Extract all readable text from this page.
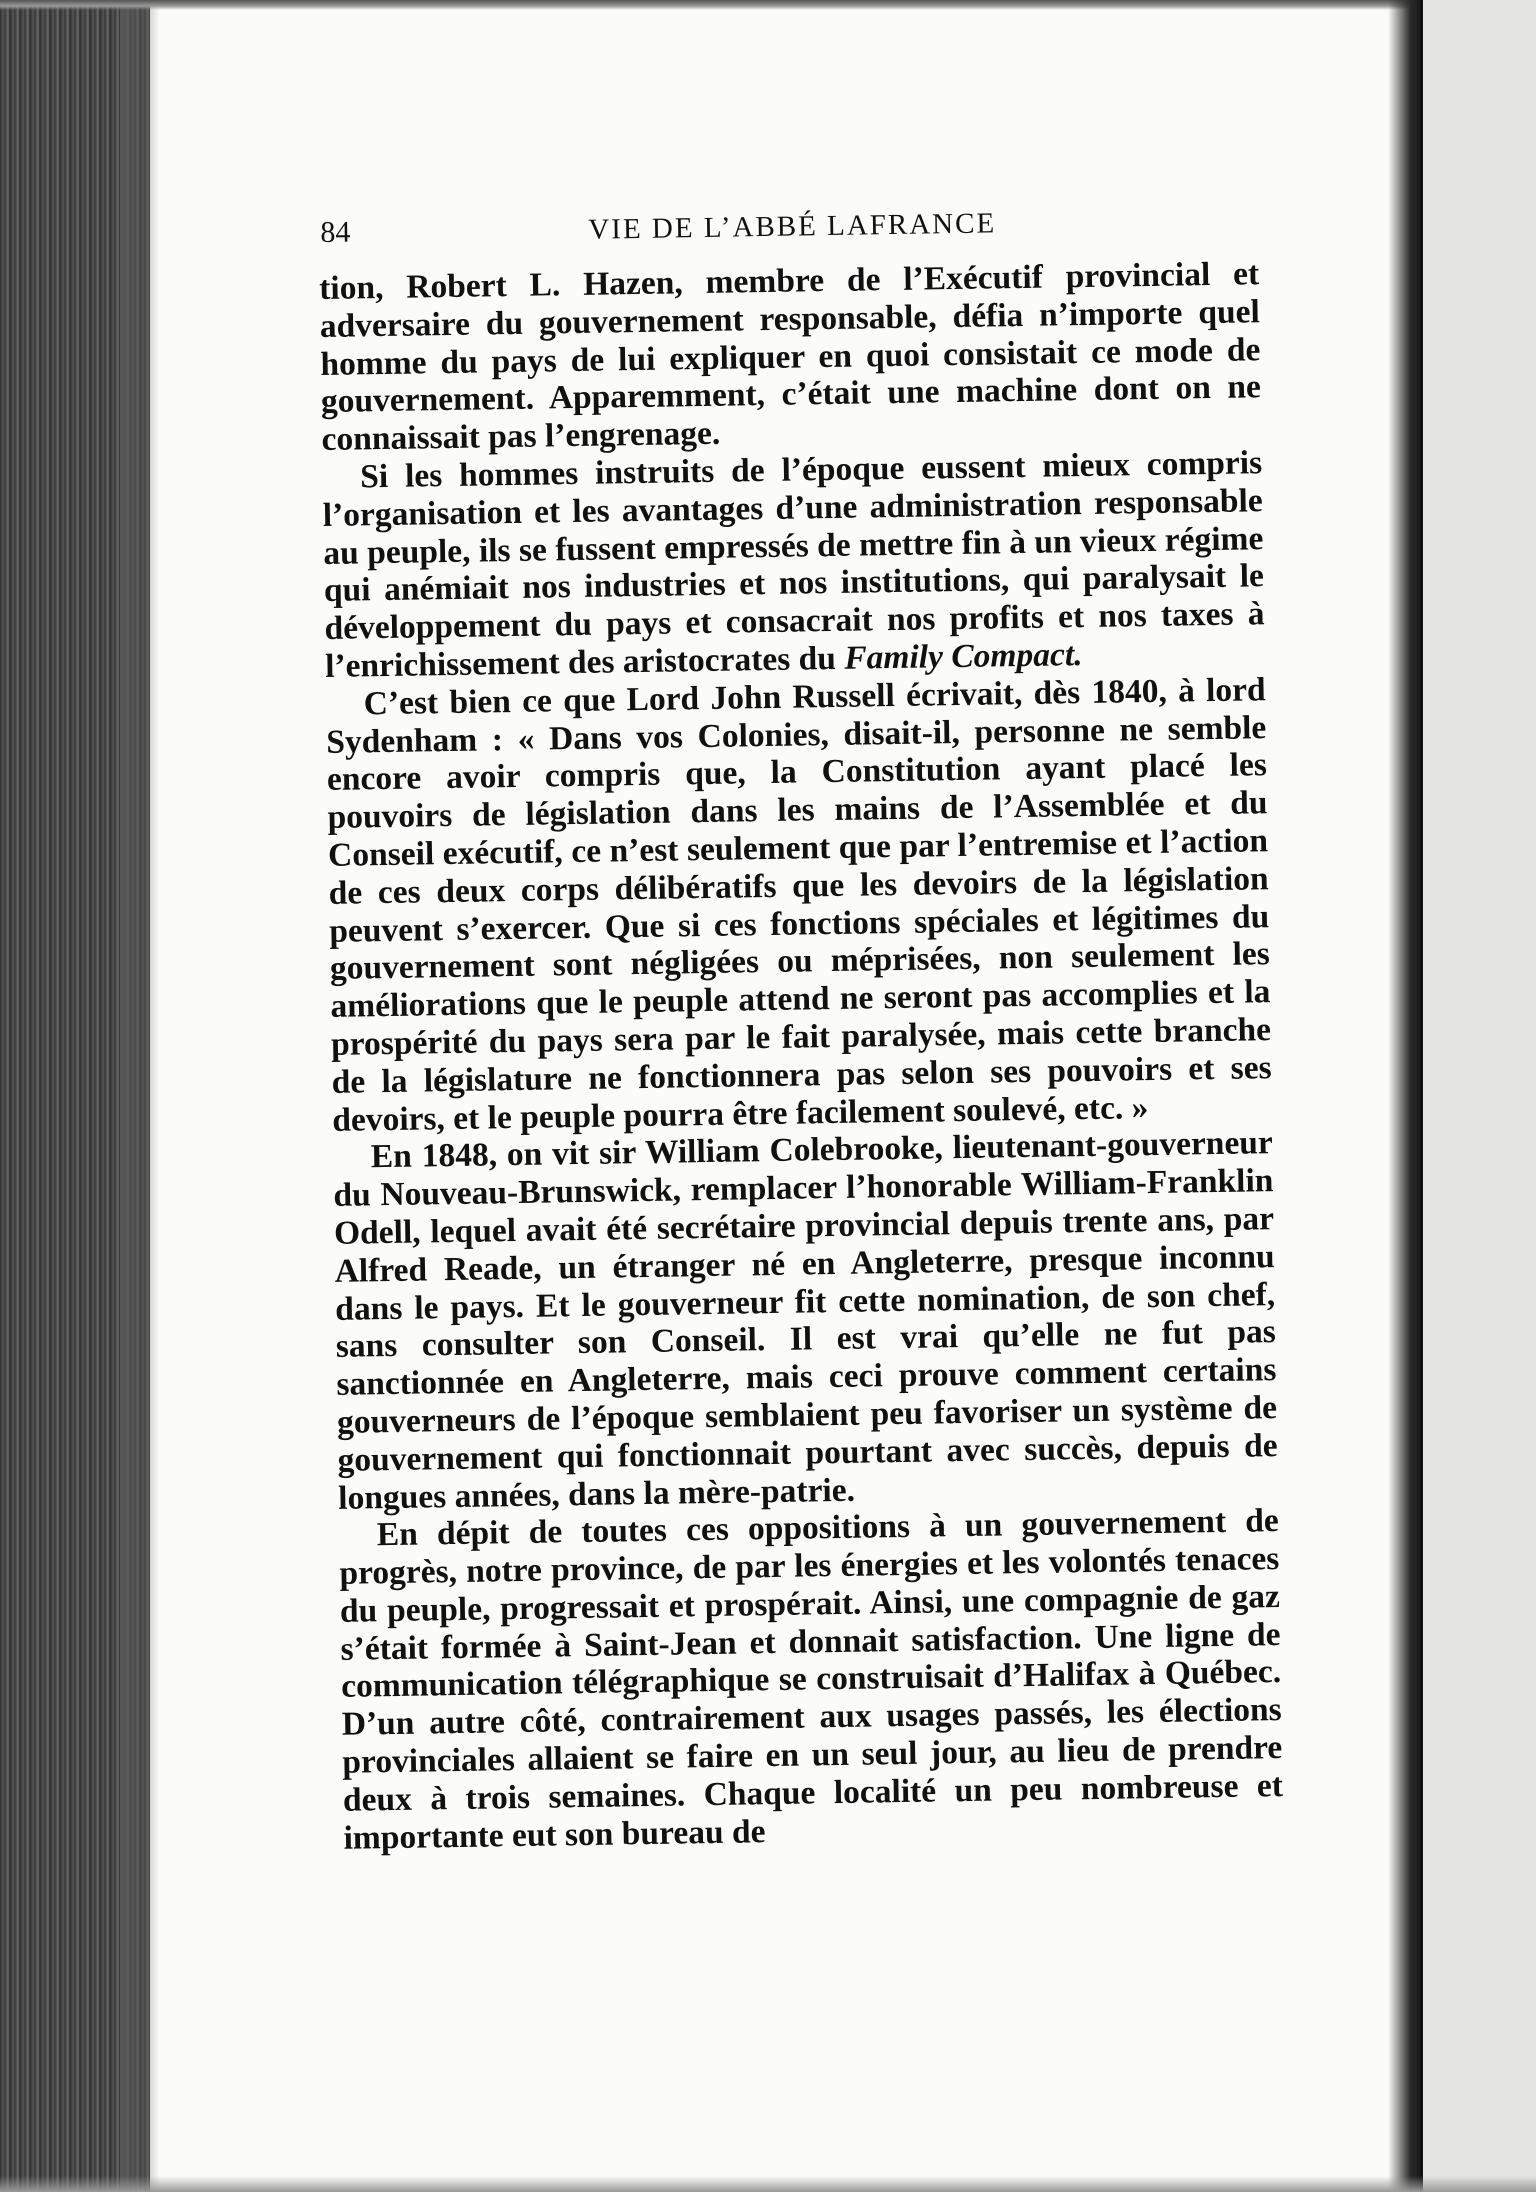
84	VIE DE L’ABBÉ LAFRANCE

tion, Robert L. Hazen, membre de l’Exécutif provincial et adversaire du gouvernement responsable, défia n’importe quel homme du pays de lui expliquer en quoi consistait ce mode de gouvernement. Apparemment, c’était une machine dont on ne connaissait pas l’engrenage.

Si les hommes instruits de l’époque eussent mieux compris l’organisation et les avantages d’une administration responsable au peuple, ils se fussent empressés de mettre fin à un vieux régime qui anémiait nos industries et nos institutions, qui paralysait le développement du pays et consacrait nos profits et nos taxes à l’enrichissement des aristocrates du Family Compact.

C’est bien ce que Lord John Russell écrivait, dès 1840, à lord Sydenham : « Dans vos Colonies, disait-il, personne ne semble encore avoir compris que, la Constitution ayant placé les pouvoirs de législation dans les mains de l’Assemblée et du Conseil exécutif, ce n’est seulement que par l’entremise et l’action de ces deux corps délibératifs que les devoirs de la législation peuvent s’exercer. Que si ces fonctions spéciales et légitimes du gouvernement sont négligées ou méprisées, non seulement les améliorations que le peuple attend ne seront pas accomplies et la prospérité du pays sera par le fait paralysée, mais cette branche de la législature ne fonctionnera pas selon ses pouvoirs et ses devoirs, et le peuple pourra être facilement soulevé, etc. »

En 1848, on vit sir William Colebrooke, lieutenant-gouverneur du Nouveau-Brunswick, remplacer l’honorable William-Franklin Odell, lequel avait été secrétaire provincial depuis trente ans, par Alfred Reade, un étranger né en Angleterre, presque inconnu dans le pays. Et le gouverneur fit cette nomination, de son chef, sans consulter son Conseil. Il est vrai qu’elle ne fut pas sanctionnée en Angleterre, mais ceci prouve comment certains gouverneurs de l’époque semblaient peu favoriser un système de gouvernement qui fonctionnait pourtant avec succès, depuis de longues années, dans la mère-patrie.

En dépit de toutes ces oppositions à un gouvernement de progrès, notre province, de par les énergies et les volontés tenaces du peuple, progressait et prospérait. Ainsi, une compagnie de gaz s’était formée à Saint-Jean et donnait satisfaction. Une ligne de communication télégraphique se construisait d’Halifax à Québec. D’un autre côté, contrairement aux usages passés, les élections provinciales allaient se faire en un seul jour, au lieu de prendre deux à trois semaines. Chaque localité un peu nombreuse et importante eut son bureau de
